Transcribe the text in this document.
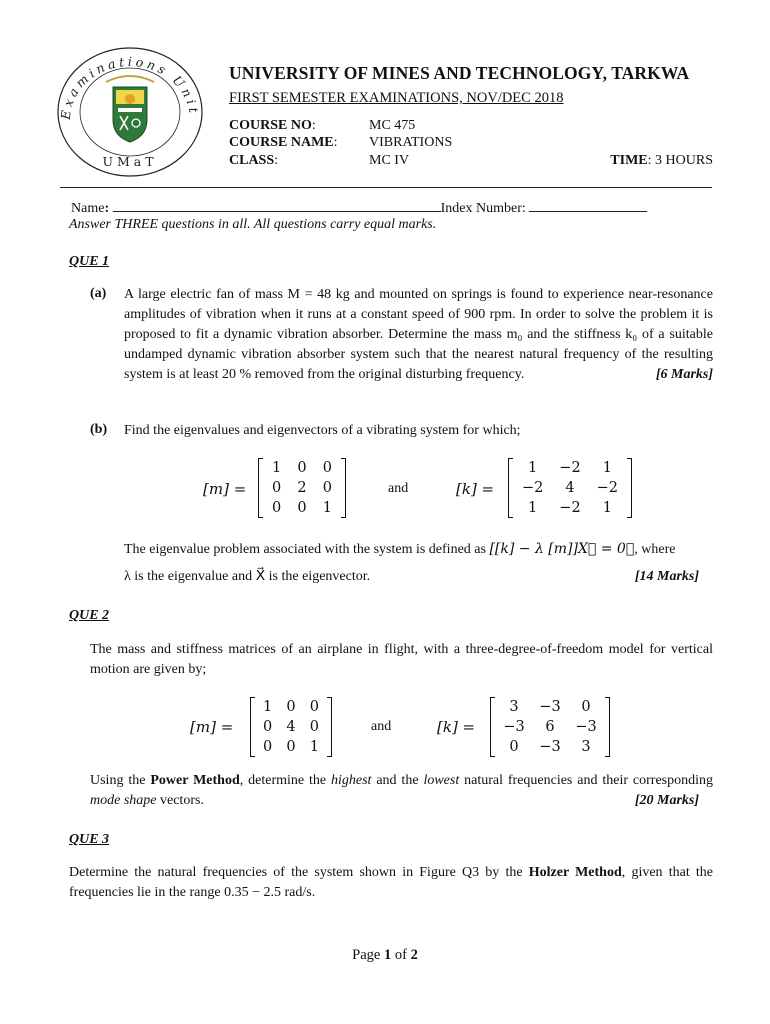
Examinations Unit
UMaT
UNIVERSITY OF MINES AND TECHNOLOGY, TARKWA
FIRST SEMESTER EXAMINATIONS, NOV/DEC 2018
COURSE NO:	MC 475
COURSE NAME: VIBRATIONS
CLASS:	MC IV	TIME: 3 HOURS
Name:	Index Number:
Answer THREE questions in all. All questions carry equal marks.
QUE 1
(a) A large electric fan of mass M = 48 kg and mounted on springs is found to experience near-resonance amplitudes of vibration when it runs at a constant speed of 900 rpm. In order to solve the problem it is proposed to fit a dynamic vibration absorber. Determine the mass m₀ and the stiffness k₀ of a suitable undamped dynamic vibration absorber system such that the nearest natural frequency of the resulting system is at least 20 % removed from the original disturbing frequency.	[6 Marks]
(b) Find the eigenvalues and eigenvectors of a vibrating system for which;
[m] =
1	0	0
0	2	0
0	0	1
and	[k] =
1	−2	1
−2	4	−2
1	−2	1
The eigenvalue problem associated with the system is defined as [[k] − λ [m]]X⃗ = 0⃗, where
λ is the eigenvalue and X⃗ is the eigenvector.	[14 Marks]
QUE 2
The mass and stiffness matrices of an airplane in flight, with a three-degree-of-freedom model for vertical motion are given by;
[m] =
1 0 0
0 4 0
0 0 1
and	[k] =
3	−3	0
−3	6	−3
0	−3	3
Using the Power Method, determine the highest and the lowest natural frequencies and their corresponding mode shape vectors.	[20 Marks]
QUE 3
Determine the natural frequencies of the system shown in Figure Q3 by the Holzer Method, given that the frequencies lie in the range 0.35 − 2.5 rad/s.
Page 1 of 2
